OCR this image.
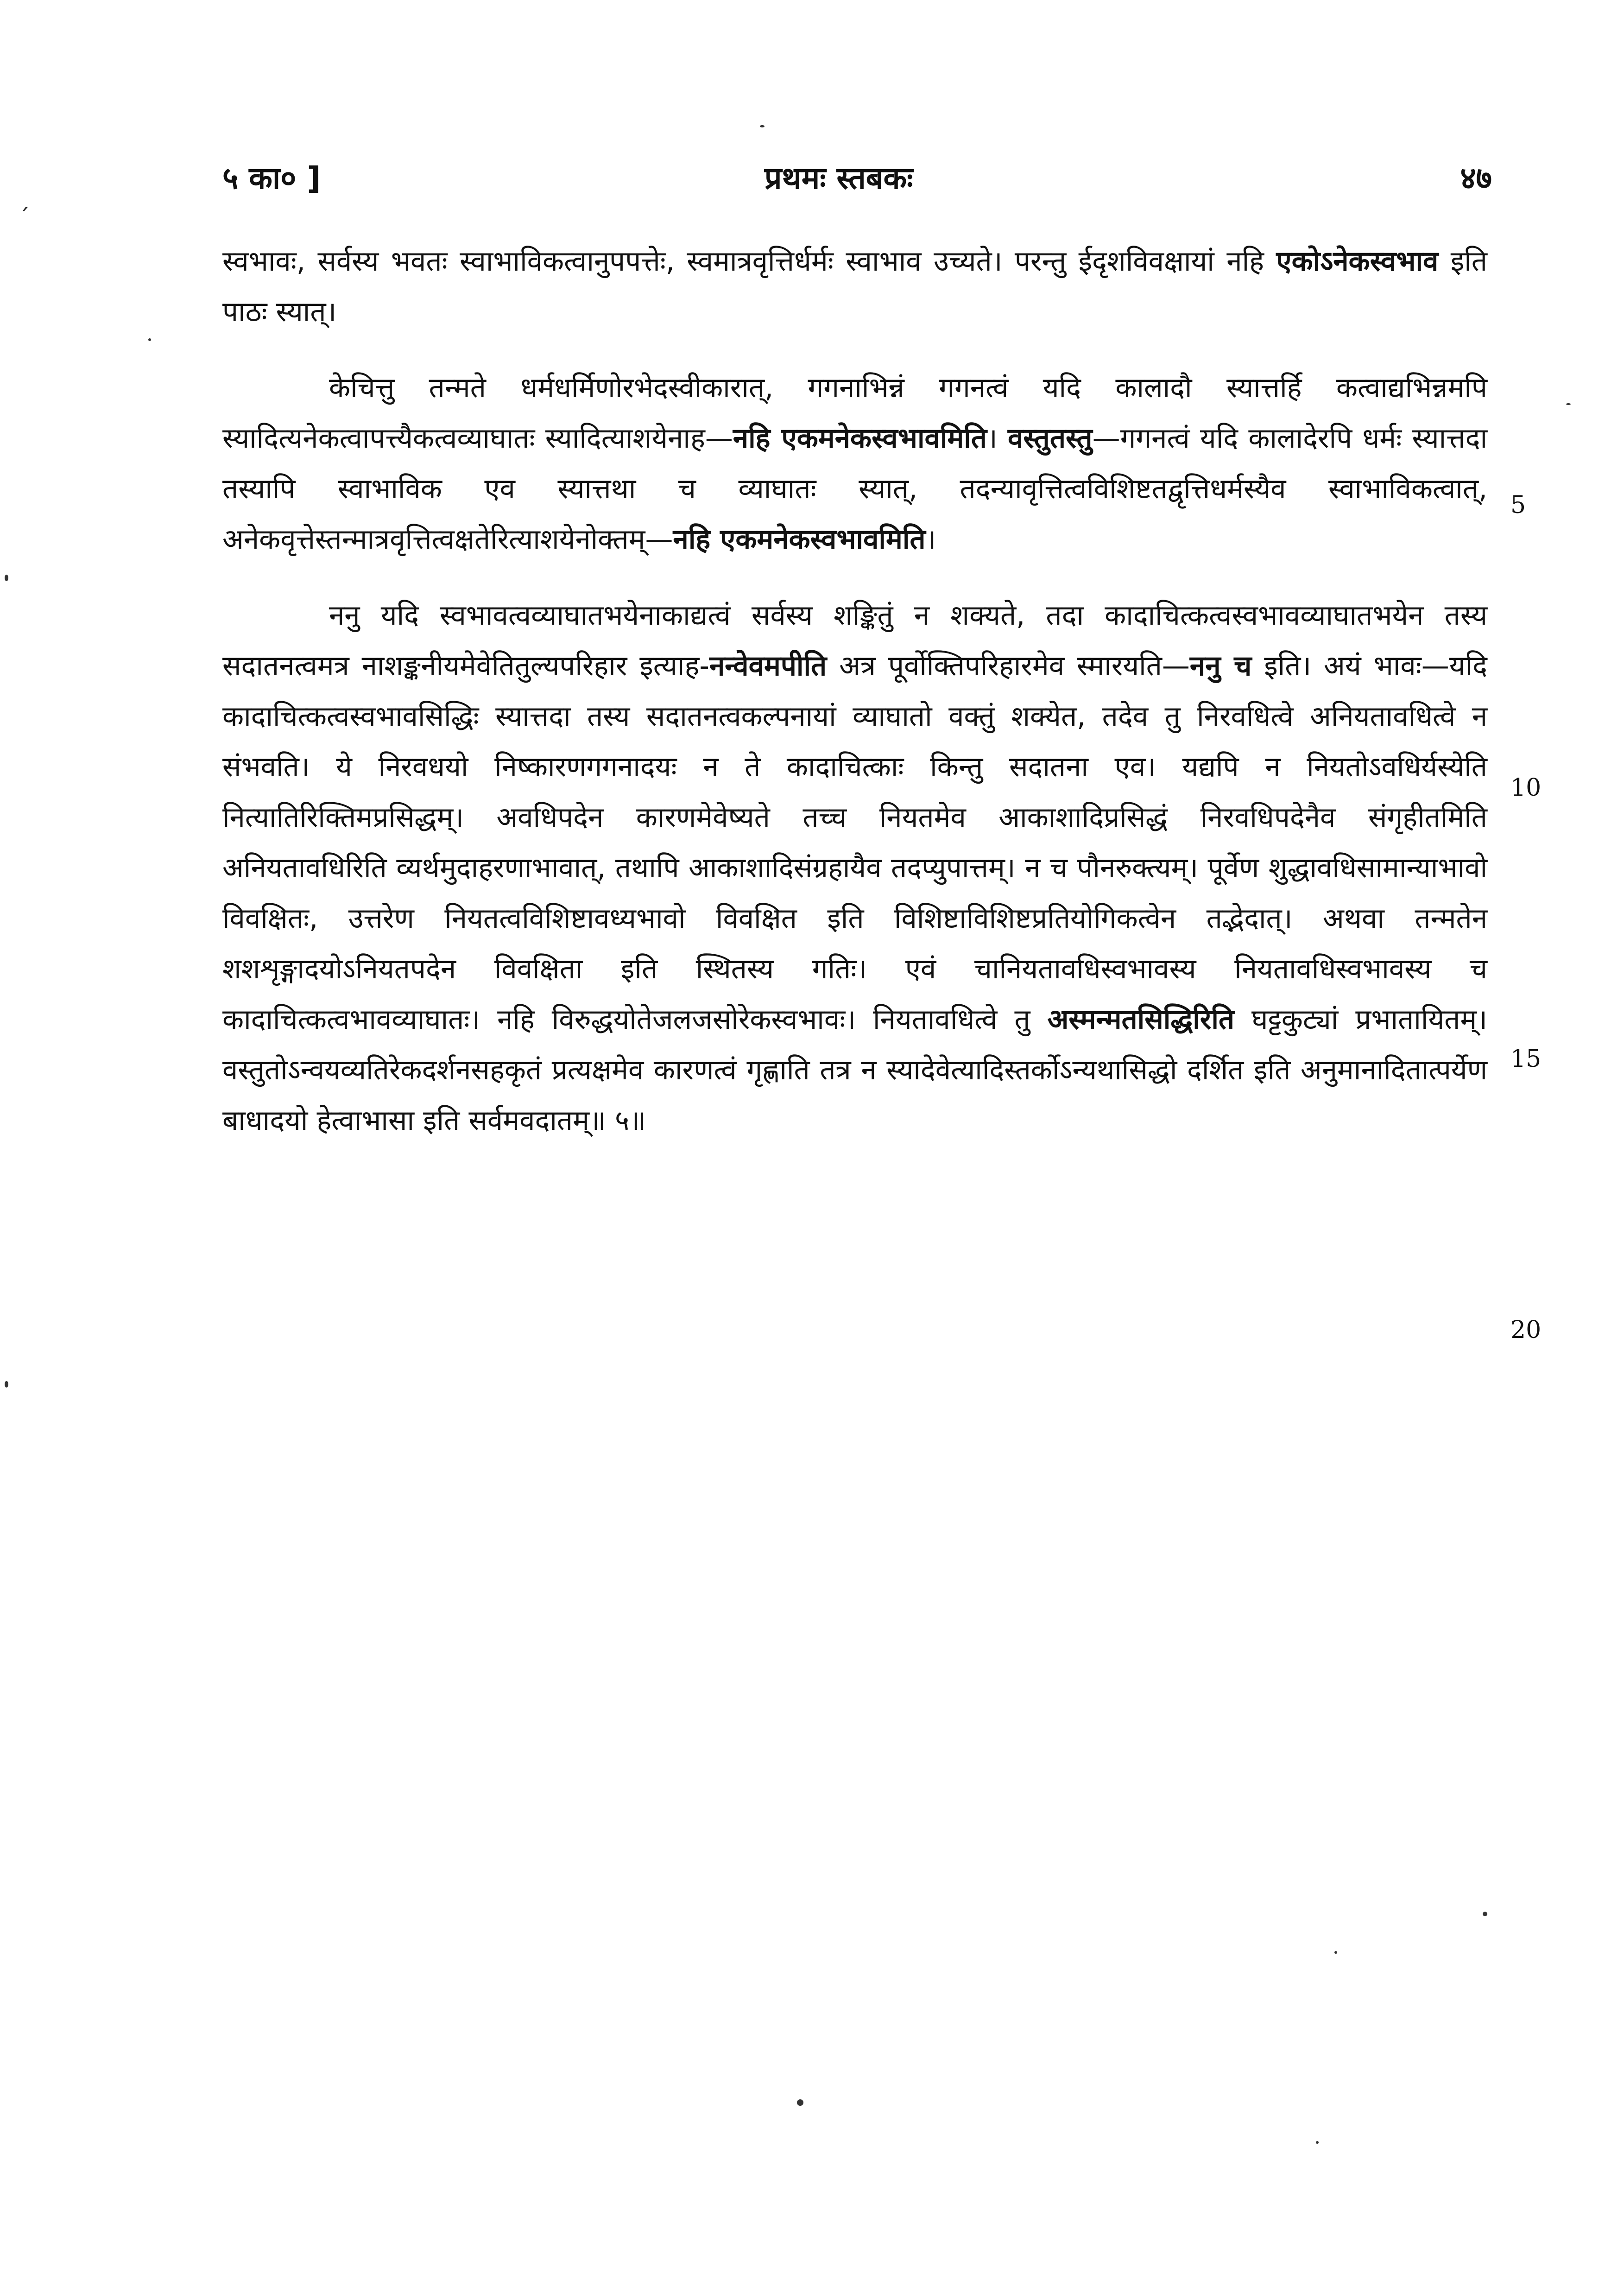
५ का० ]	प्रथमः स्तबकः	४७

स्वभावः, सर्वस्य भवतः स्वाभाविकत्वानुपपत्तेः, स्वमात्रवृत्तिर्धर्मः स्वाभाव उच्यते। परन्तु ईदृशविवक्षायां नहि एकोऽनेकस्वभाव इति पाठः स्यात्।

केचित्तु तन्मते धर्मधर्मिणोरभेदस्वीकारात्, गगनाभिन्नं गगनत्वं यदि कालादौ स्यात्तर्हि कत्वाद्यभिन्नमपि स्यादित्यनेकत्वापत्त्यैकत्वव्याघातः स्यादित्याशयेनाह—नहि एकमनेकस्वभावमिति। वस्तुतस्तु—गगनत्वं यदि कालादेरपि धर्मः स्यात्तदा तस्यापि स्वाभाविक एव स्यात्तथा च व्याघातः स्यात्, तदन्यावृत्तित्वविशिष्टतद्वृत्तिधर्मस्यैव स्वाभाविकत्वात्, अनेकवृत्तेस्तन्मात्रवृत्तित्वक्षतेरित्याशयेनोक्तम्—नहि एकमनेकस्वभावमिति।

ननु यदि स्वभावत्वव्याघातभयेनाकाद्यत्वं सर्वस्य शङ्कितुं न शक्यते, तदा कादाचित्कत्वस्वभावव्याघातभयेन तस्य सदातनत्वमत्र नाशङ्कनीयमेवेतितुल्यपरिहार इत्याह-नन्वेवमपीति अत्र पूर्वोक्तिपरिहारमेव स्मारयति—ननु च इति। अयं भावः—यदि कादाचित्कत्वस्वभावसिद्धिः स्यात्तदा तस्य सदातनत्वकल्पनायां व्याघातो वक्तुं शक्येत, तदेव तु निरवधित्वे अनियतावधित्वे न संभवति। ये निरवधयो निष्कारणगगनादयः न ते कादाचित्काः किन्तु सदातना एव। यद्यपि न नियतोऽवधिर्यस्येति नित्यातिरिक्तिमप्रसिद्धम्। अवधिपदेन कारणमेवेष्यते तच्च नियतमेव आकाशादिप्रसिद्धं निरवधिपदेनैव संगृहीतमिति अनियतावधिरिति व्यर्थमुदाहरणाभावात्, तथापि आकाशादिसंग्रहायैव तदप्युपात्तम्। न च पौनरुक्त्यम्। पूर्वेण शुद्धावधिसामान्याभावो विवक्षितः, उत्तरेण नियतत्वविशिष्टावध्यभावो विवक्षित इति विशिष्टाविशिष्टप्रतियोगिकत्वेन तद्भेदात्। अथवा तन्मतेन शशशृङ्गादयोऽनियतपदेन विवक्षिता इति स्थितस्य गतिः। एवं चानियतावधिस्वभावस्य नियतावधिस्वभावस्य च कादाचित्कत्वभावव्याघातः। नहि विरुद्धयोतेजलजसोरेकस्वभावः। नियतावधित्वे तु अस्मन्मतसिद्धिरिति घट्टकुट्यां प्रभातायितम्। वस्तुतोऽन्वयव्यतिरेकदर्शनसहकृतं प्रत्यक्षमेव कारणत्वं गृह्णाति तत्र न स्यादेवेत्यादिस्तर्कोऽन्यथासिद्धो दर्शित इति अनुमानादितात्पर्येण बाधादयो हेत्वाभासा इति सर्वमवदातम्॥ ५॥

5
10
15
20
ˏ
